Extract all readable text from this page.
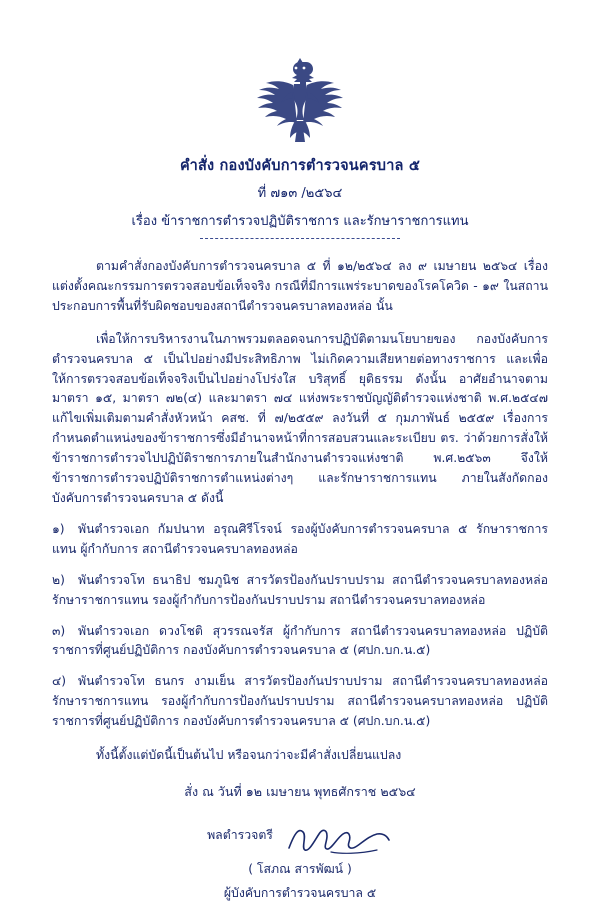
คำสั่ง กองบังคับการตำรวจนครบาล ๕
ที่ ๗๑๓ /๒๕๖๔
เรื่อง ข้าราชการตำรวจปฏิบัติราชการ และรักษาราชการแทน
ตามคำสั่งกองบังคับการตำรวจนครบาล ๕ ที่ ๑๒/๒๕๖๔ ลง ๙ เมษายน ๒๕๖๔ เรื่อง แต่งตั้งคณะกรรมการตรวจสอบข้อเท็จจริง กรณีที่มีการแพร่ระบาดของโรคโควิด - ๑๙ ในสถานประกอบการพื้นที่รับผิดชอบของสถานีตำรวจนครบาลทองหล่อ นั้น
เพื่อให้การบริหารงานในภาพรวมตลอดจนการปฏิบัติตามนโยบายของ กองบังคับการตำรวจนครบาล ๕ เป็นไปอย่างมีประสิทธิภาพ ไม่เกิดความเสียหายต่อทางราชการ และเพื่อให้การตรวจสอบข้อเท็จจริงเป็นไปอย่างโปร่งใส บริสุทธิ์ ยุติธรรม ดังนั้น อาศัยอำนาจตามมาตรา ๑๕, มาตรา ๗๒(๔) และมาตรา ๗๔ แห่งพระราชบัญญัติตำรวจแห่งชาติ พ.ศ.๒๕๔๗ แก้ไขเพิ่มเติมตามคำสั่งหัวหน้า คสช. ที่ ๗/๒๕๕๙ ลงวันที่ ๕ กุมภาพันธ์ ๒๕๕๙ เรื่องการกำหนดตำแหน่งของข้าราชการซึ่งมีอำนาจหน้าที่การสอบสวนและระเบียบ ตร. ว่าด้วยการสั่งให้ข้าราชการตำรวจไปปฏิบัติราชการภายในสำนักงานตำรวจแห่งชาติ พ.ศ.๒๕๖๓ จึงให้ข้าราชการตำรวจปฏิบัติราชการตำแหน่งต่างๆ และรักษาราชการแทน ภายในสังกัดกองบังคับการตำรวจนครบาล ๕ ดังนี้
๑) พันตำรวจเอก กัมปนาท อรุณศิรีโรจน์ รองผู้บังคับการตำรวจนครบาล ๕ รักษาราชการแทน ผู้กำกับการ สถานีตำรวจนครบาลทองหล่อ
๒) พันตำรวจโท ธนาธิป ชมภูนิช สารวัตรป้องกันปราบปราม สถานีตำรวจนครบาลทองหล่อ รักษาราชการแทน รองผู้กำกับการป้องกันปราบปราม สถานีตำรวจนครบาลทองหล่อ
๓) พันตำรวจเอก ดวงโชติ สุวรรณจรัส ผู้กำกับการ สถานีตำรวจนครบาลทองหล่อ ปฏิบัติราชการที่ศูนย์ปฏิบัติการ กองบังคับการตำรวจนครบาล ๕ (ศปก.บก.น.๕)
๔) พันตำรวจโท ธนกร งามเย็น สารวัตรป้องกันปราบปราม สถานีตำรวจนครบาลทองหล่อ รักษาราชการแทน รองผู้กำกับการป้องกันปราบปราม สถานีตำรวจนครบาลทองหล่อ ปฏิบัติราชการที่ศูนย์ปฏิบัติการ กองบังคับการตำรวจนครบาล ๕ (ศปก.บก.น.๕)
ทั้งนี้ตั้งแต่บัดนี้เป็นต้นไป หรือจนกว่าจะมีคำสั่งเปลี่ยนแปลง
สั่ง ณ วันที่ ๑๒ เมษายน พุทธศักราช ๒๕๖๔
พลตำรวจตรี
( โสภณ สารพัฒน์ )
ผู้บังคับการตำรวจนครบาล ๕
